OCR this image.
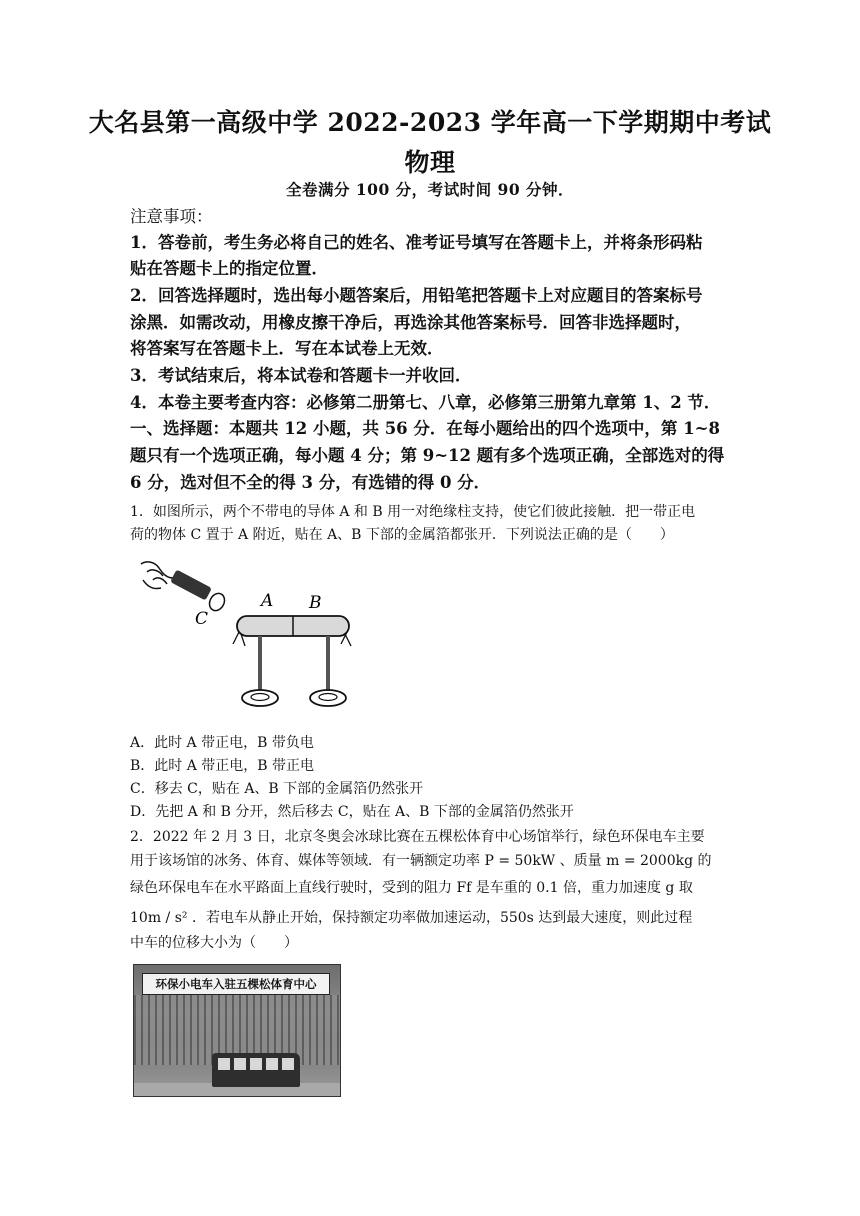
大名县第一高级中学 2022-2023 学年高一下学期期中考试
物理
全卷满分 100 分，考试时间 90 分钟．
注意事项：
1．答卷前，考生务必将自己的姓名、准考证号填写在答题卡上，并将条形码粘
贴在答题卡上的指定位置．
2．回答选择题时，选出每小题答案后，用铅笔把答题卡上对应题目的答案标号
涂黑．如需改动，用橡皮擦干净后，再选涂其他答案标号．回答非选择题时，
将答案写在答题卡上．写在本试卷上无效．
3．考试结束后，将本试卷和答题卡一并收回．
4．本卷主要考查内容：必修第二册第七、八章，必修第三册第九章第 1、2 节．
一、选择题：本题共 12 小题，共 56 分．在每小题给出的四个选项中，第 1~8
题只有一个选项正确，每小题 4 分；第 9~12 题有多个选项正确，全部选对的得
6 分，选对但不全的得 3 分，有选错的得 0 分．
1．如图所示，两个不带电的导体 A 和 B 用一对绝缘柱支持，使它们彼此接触．把一带正电
荷的物体 C 置于 A 附近，贴在 A、B 下部的金属箔都张开．下列说法正确的是（　　）
C
A B
A．此时 A 带正电，B 带负电
B．此时 A 带正电，B 带正电
C．移去 C，贴在 A、B 下部的金属箔仍然张开
D．先把 A 和 B 分开，然后移去 C，贴在 A、B 下部的金属箔仍然张开
2．2022 年 2 月 3 日，北京冬奥会冰球比赛在五棵松体育中心场馆举行，绿色环保电车主要
用于该场馆的冰务、体育、媒体等领域．有一辆额定功率 P = 50kW 、质量 m = 2000kg 的
绿色环保电车在水平路面上直线行驶时，受到的阻力 Ff 是车重的 0.1 倍，重力加速度 g 取
10m / s² ．若电车从静止开始，保持额定功率做加速运动，550s 达到最大速度，则此过程
中车的位移大小为（　　）
环保小电车入驻五棵松体育中心
